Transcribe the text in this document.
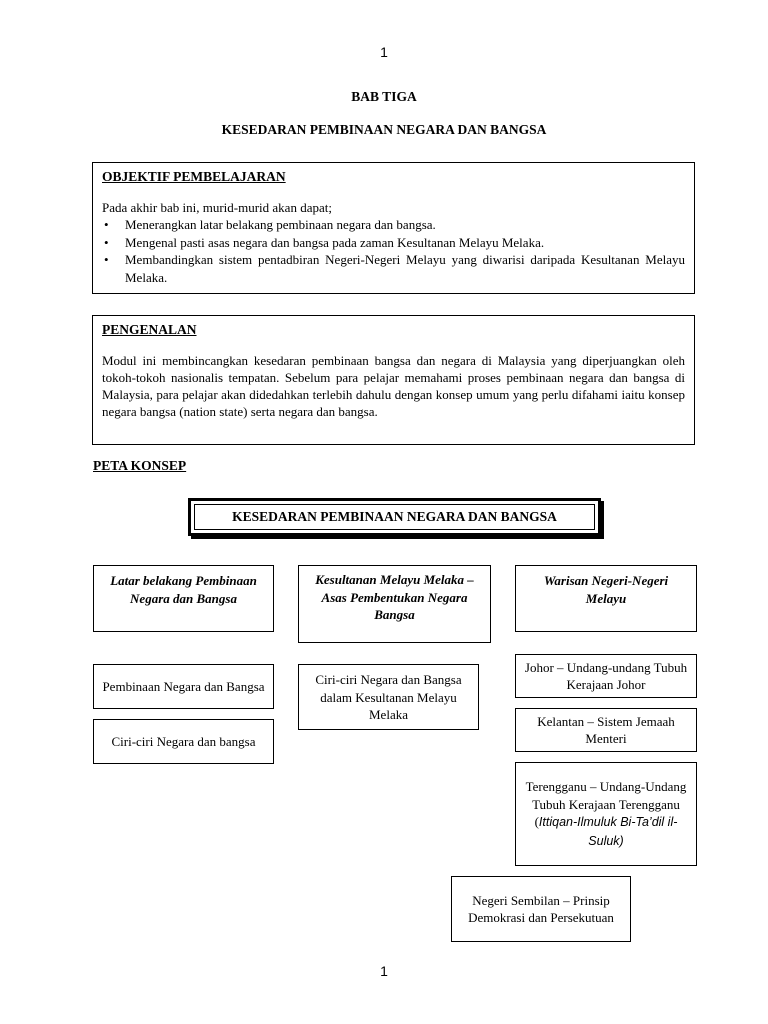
1
BAB TIGA
KESEDARAN PEMBINAAN NEGARA DAN BANGSA
OBJEKTIF PEMBELAJARAN
Pada akhir bab ini, murid-murid akan dapat;
• Menerangkan latar belakang pembinaan negara dan bangsa.
• Mengenal pasti asas negara dan bangsa pada zaman Kesultanan Melayu Melaka.
• Membandingkan sistem pentadbiran Negeri-Negeri Melayu yang diwarisi daripada Kesultanan Melayu Melaka.
PENGENALAN
Modul ini membincangkan kesedaran pembinaan bangsa dan negara di Malaysia yang diperjuangkan oleh tokoh-tokoh nasionalis tempatan. Sebelum para pelajar memahami proses pembinaan negara dan bangsa di Malaysia, para pelajar akan didedahkan terlebih dahulu dengan konsep umum yang perlu difahami iaitu konsep negara bangsa (nation state) serta negara dan bangsa.
PETA KONSEP
KESEDARAN PEMBINAAN NEGARA DAN BANGSA
Latar belakang Pembinaan Negara dan Bangsa
Pembinaan Negara dan Bangsa
Ciri-ciri Negara dan bangsa
Kesultanan Melayu Melaka – Asas Pembentukan Negara Bangsa
Ciri-ciri Negara dan Bangsa dalam Kesultanan Melayu Melaka
Warisan Negeri-Negeri Melayu
Johor – Undang-undang Tubuh Kerajaan Johor
Kelantan – Sistem Jemaah Menteri
Terengganu – Undang-Undang Tubuh Kerajaan Terengganu (Ittiqan-Ilmuluk Bi-Ta’dil il-Suluk)
Negeri Sembilan – Prinsip Demokrasi dan Persekutuan
1
